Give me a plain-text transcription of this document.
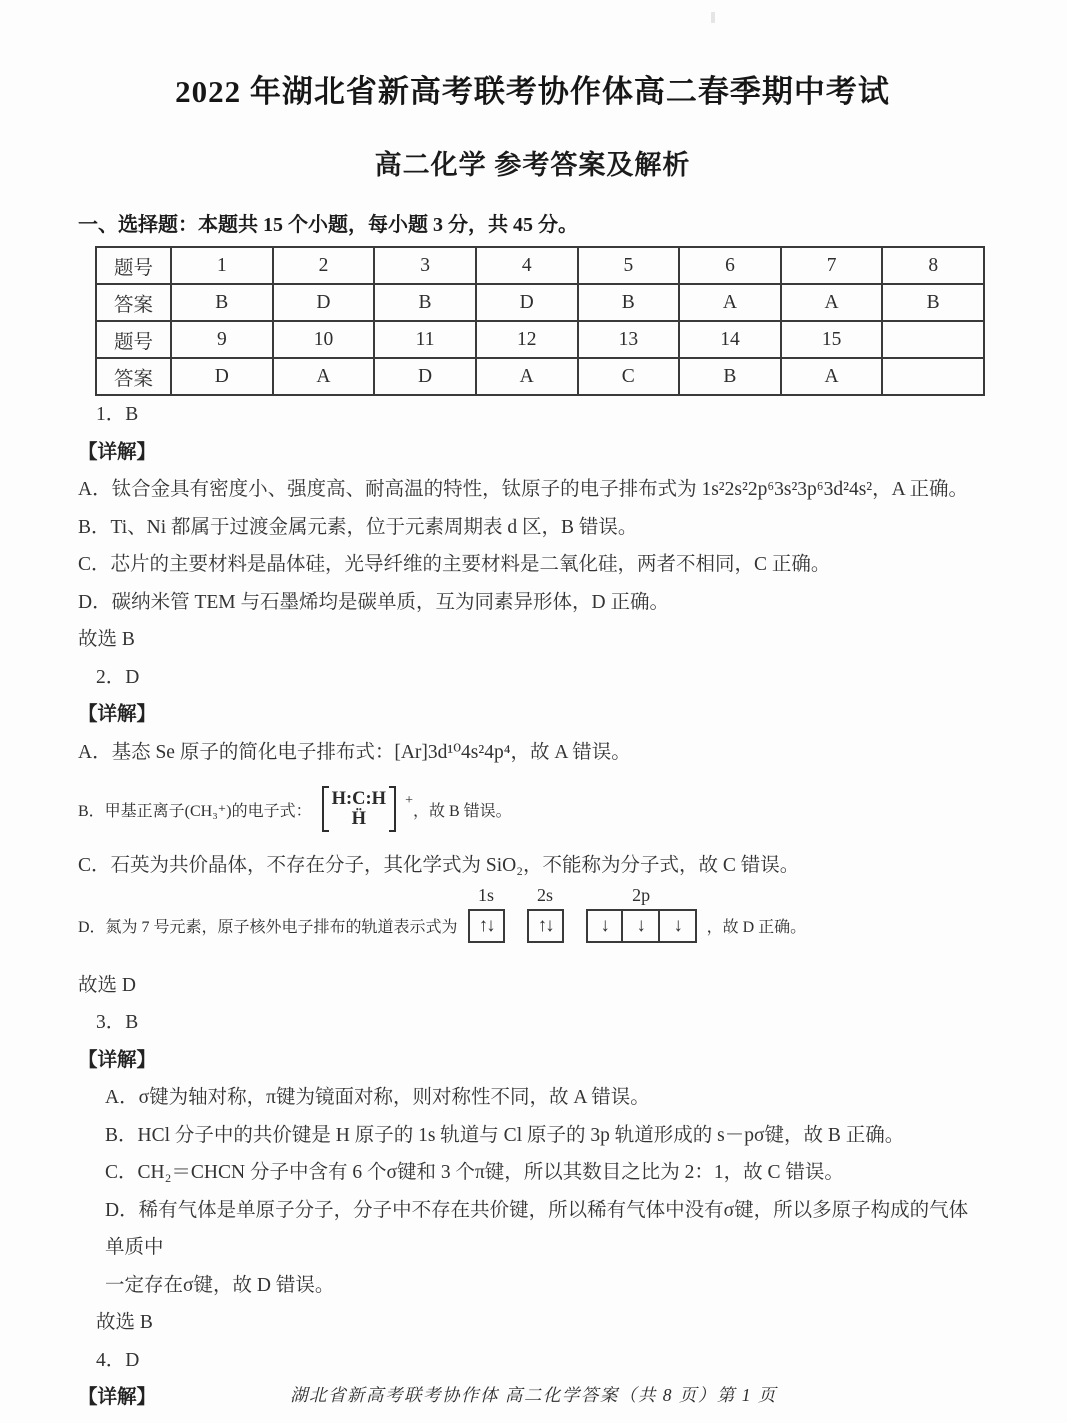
2022 年湖北省新高考联考协作体高二春季期中考试
高二化学 参考答案及解析
一、选择题：本题共 15 个小题，每小题 3 分，共 45 分。
题号	1	2	3	4	5	6	7	8
答案	B	D	B	D	B	A	A	B
题号	9	10	11	12	13	14	15	
答案	D	A	D	A	C	B	A	
1．B
【详解】
A．钛合金具有密度小、强度高、耐高温的特性，钛原子的电子排布式为 1s²2s²2p⁶3s²3p⁶3d²4s²，A 正确。
B．Ti、Ni 都属于过渡金属元素，位于元素周期表 d 区，B 错误。
C．芯片的主要材料是晶体硅，光导纤维的主要材料是二氧化硅，两者不相同，C 正确。
D．碳纳米管 TEM 与石墨烯均是碳单质，互为同素异形体，D 正确。
故选 B
2．D
【详解】
A．基态 Se 原子的简化电子排布式：[Ar]3d¹⁰4s²4p⁴，故 A 错误。
B．甲基正离子(CH₃⁺)的电子式：
H:C:H
Ḧ
+
，故 B 错误。
C．石英为共价晶体，不存在分子，其化学式为 SiO₂，不能称为分子式，故 C 错误。
D．氮为 7 号元素，原子核外电子排布的轨道表示式为
1s
↑↓
2s
↑↓
2p
↓	↓	↓	，故 D 正确。
故选 D
3．B
【详解】
A．σ键为轴对称，π键为镜面对称，则对称性不同，故 A 错误。
B．HCl 分子中的共价键是 H 原子的 1s 轨道与 Cl 原子的 3p 轨道形成的 s－pσ键，故 B 正确。
C．CH₂＝CHCN 分子中含有 6 个σ键和 3 个π键，所以其数目之比为 2：1，故 C 错误。
D．稀有气体是单原子分子，分子中不存在共价键，所以稀有气体中没有σ键，所以多原子构成的气体单质中
一定存在σ键，故 D 错误。
故选 B
4．D
【详解】	湖北省新高考联考协作体 高二化学答案（共 8 页）第 1 页
